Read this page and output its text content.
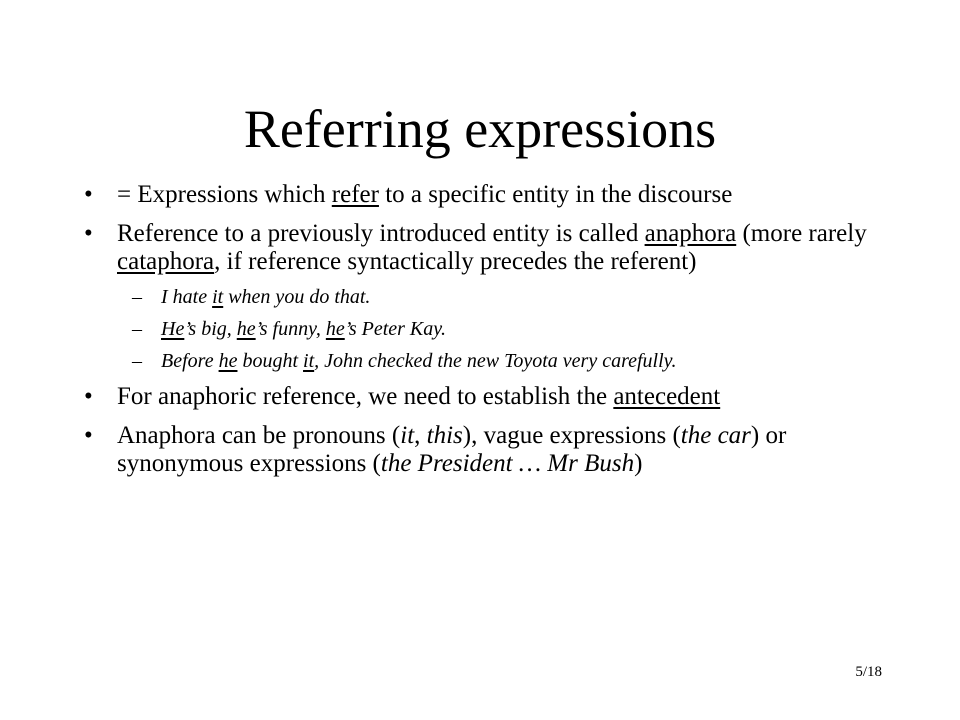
Referring expressions
• = Expressions which refer to a specific entity in the discourse
• Reference to a previously introduced entity is called anaphora (more rarely cataphora, if reference syntactically precedes the referent)
– I hate it when you do that.
– He’s big, he’s funny, he’s Peter Kay.
– Before he bought it, John checked the new Toyota very carefully.
• For anaphoric reference, we need to establish the antecedent
• Anaphora can be pronouns (it, this), vague expressions (the car) or synonymous expressions (the President … Mr Bush)
5/18
